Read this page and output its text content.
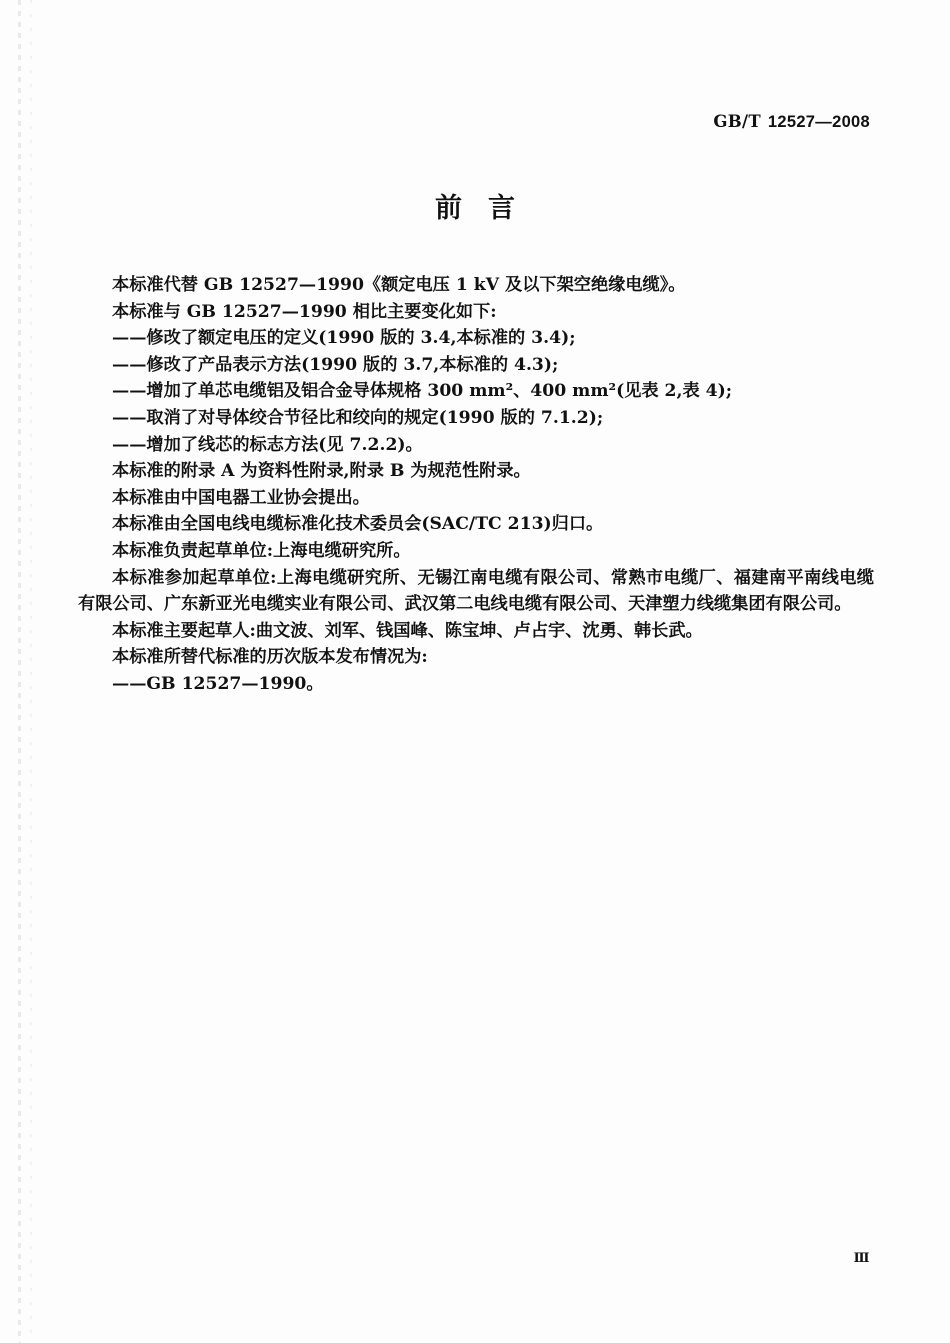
GB/T 12527—2008
前言

本标准代替 GB 12527—1990《额定电压 1 kV 及以下架空绝缘电缆》。

本标准与 GB 12527—1990 相比主要变化如下:

——修改了额定电压的定义(1990 版的 3.4,本标准的 3.4);

——修改了产品表示方法(1990 版的 3.7,本标准的 4.3);

——增加了单芯电缆铝及铝合金导体规格 300 mm²、400 mm²(见表 2,表 4);

——取消了对导体绞合节径比和绞向的规定(1990 版的 7.1.2);

——增加了线芯的标志方法(见 7.2.2)。

本标准的附录 A 为资料性附录,附录 B 为规范性附录。

本标准由中国电器工业协会提出。

本标准由全国电线电缆标准化技术委员会(SAC/TC 213)归口。

本标准负责起草单位:上海电缆研究所。

本标准参加起草单位:上海电缆研究所、无锡江南电缆有限公司、常熟市电缆厂、福建南平南线电缆有限公司、广东新亚光电缆实业有限公司、武汉第二电线电缆有限公司、天津塑力线缆集团有限公司。

本标准主要起草人:曲文波、刘军、钱国峰、陈宝坤、卢占宇、沈勇、韩长武。

本标准所替代标准的历次版本发布情况为:

——GB 12527—1990。

Ⅲ
